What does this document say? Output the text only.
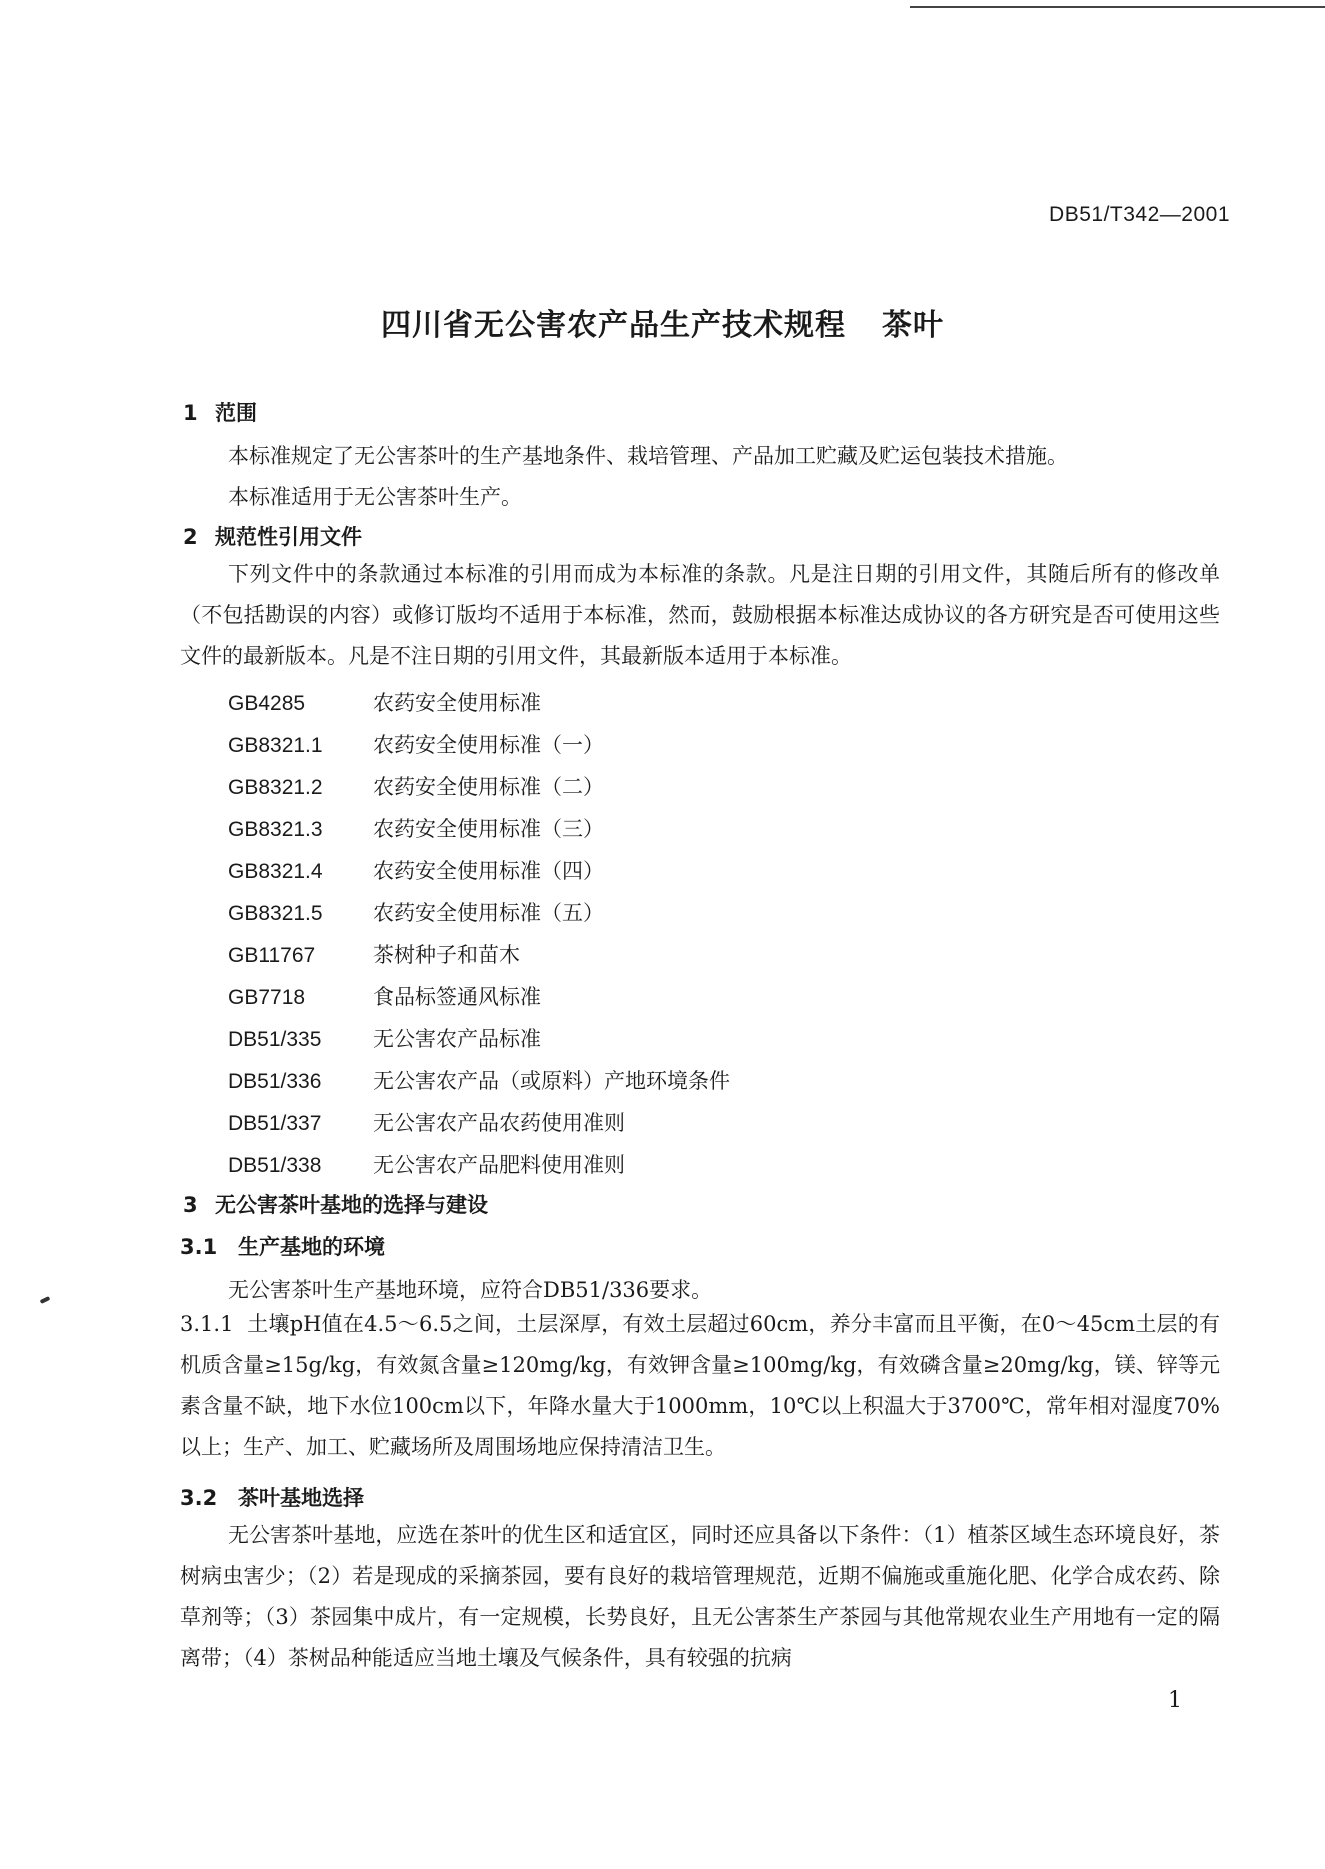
DB51/T342—2001
四川省无公害农产品生产技术规程 茶叶
1 范围
本标准规定了无公害茶叶的生产基地条件、栽培管理、产品加工贮藏及贮运包装技术措施。
本标准适用于无公害茶叶生产。
2 规范性引用文件
下列文件中的条款通过本标准的引用而成为本标准的条款。凡是注日期的引用文件，其随后所有的修改单（不包括勘误的内容）或修订版均不适用于本标准，然而，鼓励根据本标准达成协议的各方研究是否可使用这些文件的最新版本。凡是不注日期的引用文件，其最新版本适用于本标准。
GB4285	农药安全使用标准
GB8321.1 农药安全使用标准（一）
GB8321.2 农药安全使用标准（二）
GB8321.3 农药安全使用标准（三）
GB8321.4 农药安全使用标准（四）
GB8321.5 农药安全使用标准（五）
GB11767	茶树种子和苗木
GB7718	食品标签通风标准
DB51/335 无公害农产品标准
DB51/336 无公害农产品（或原料）产地环境条件
DB51/337 无公害农产品农药使用准则
DB51/338 无公害农产品肥料使用准则
3 无公害茶叶基地的选择与建设
3.1 生产基地的环境
无公害茶叶生产基地环境，应符合DB51/336要求。
3.1.1 土壤pH值在4.5～6.5之间，土层深厚，有效土层超过60cm，养分丰富而且平衡，在0～45cm土层的有机质含量≥15g/kg，有效氮含量≥120mg/kg，有效钾含量≥100mg/kg，有效磷含量≥20mg/kg，镁、锌等元素含量不缺，地下水位100cm以下，年降水量大于1000mm，10℃以上积温大于3700℃，常年相对湿度70%以上；生产、加工、贮藏场所及周围场地应保持清洁卫生。
3.2 茶叶基地选择
无公害茶叶基地，应选在茶叶的优生区和适宜区，同时还应具备以下条件：（1）植茶区域生态环境良好，茶树病虫害少；（2）若是现成的采摘茶园，要有良好的栽培管理规范，近期不偏施或重施化肥、化学合成农药、除草剂等；（3）茶园集中成片，有一定规模，长势良好，且无公害茶生产茶园与其他常规农业生产用地有一定的隔离带；（4）茶树品种能适应当地土壤及气候条件，具有较强的抗病
1
